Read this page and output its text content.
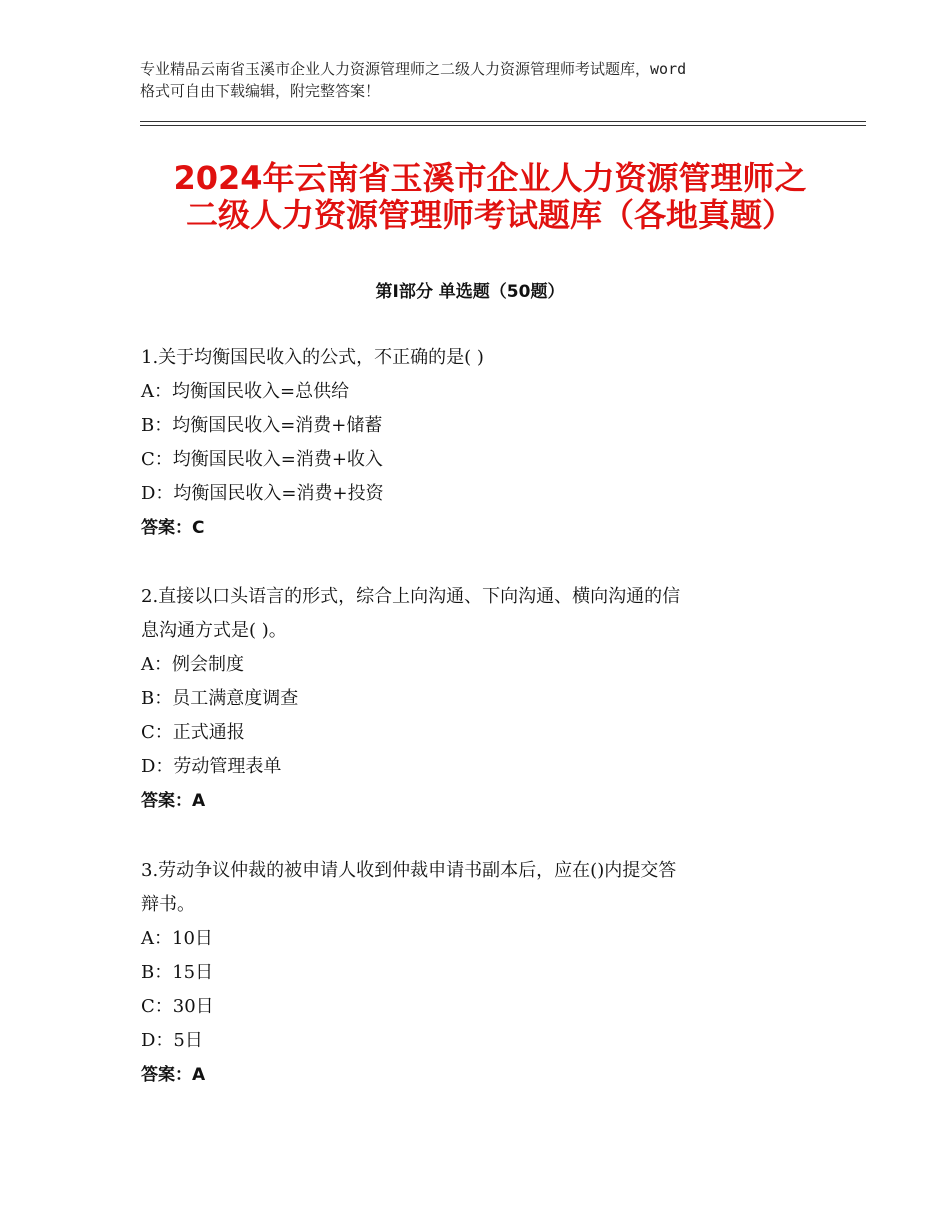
专业精品云南省玉溪市企业人力资源管理师之二级人力资源管理师考试题库，word
格式可自由下载编辑，附完整答案！
2024年云南省玉溪市企业人力资源管理师之
二级人力资源管理师考试题库（各地真题）
第Ⅰ部分 单选题（50题）
1.关于均衡国民收入的公式，不正确的是( )
A：均衡国民收入=总供给
B：均衡国民收入=消费+储蓄
C：均衡国民收入=消费+收入
D：均衡国民收入=消费+投资
答案：C
2.直接以口头语言的形式，综合上向沟通、下向沟通、横向沟通的信
息沟通方式是( )。
A：例会制度
B：员工满意度调查
C：正式通报
D：劳动管理表单
答案：A
3.劳动争议仲裁的被申请人收到仲裁申请书副本后，应在()内提交答
辩书。
A：10日
B：15日
C：30日
D：5日
答案：A
